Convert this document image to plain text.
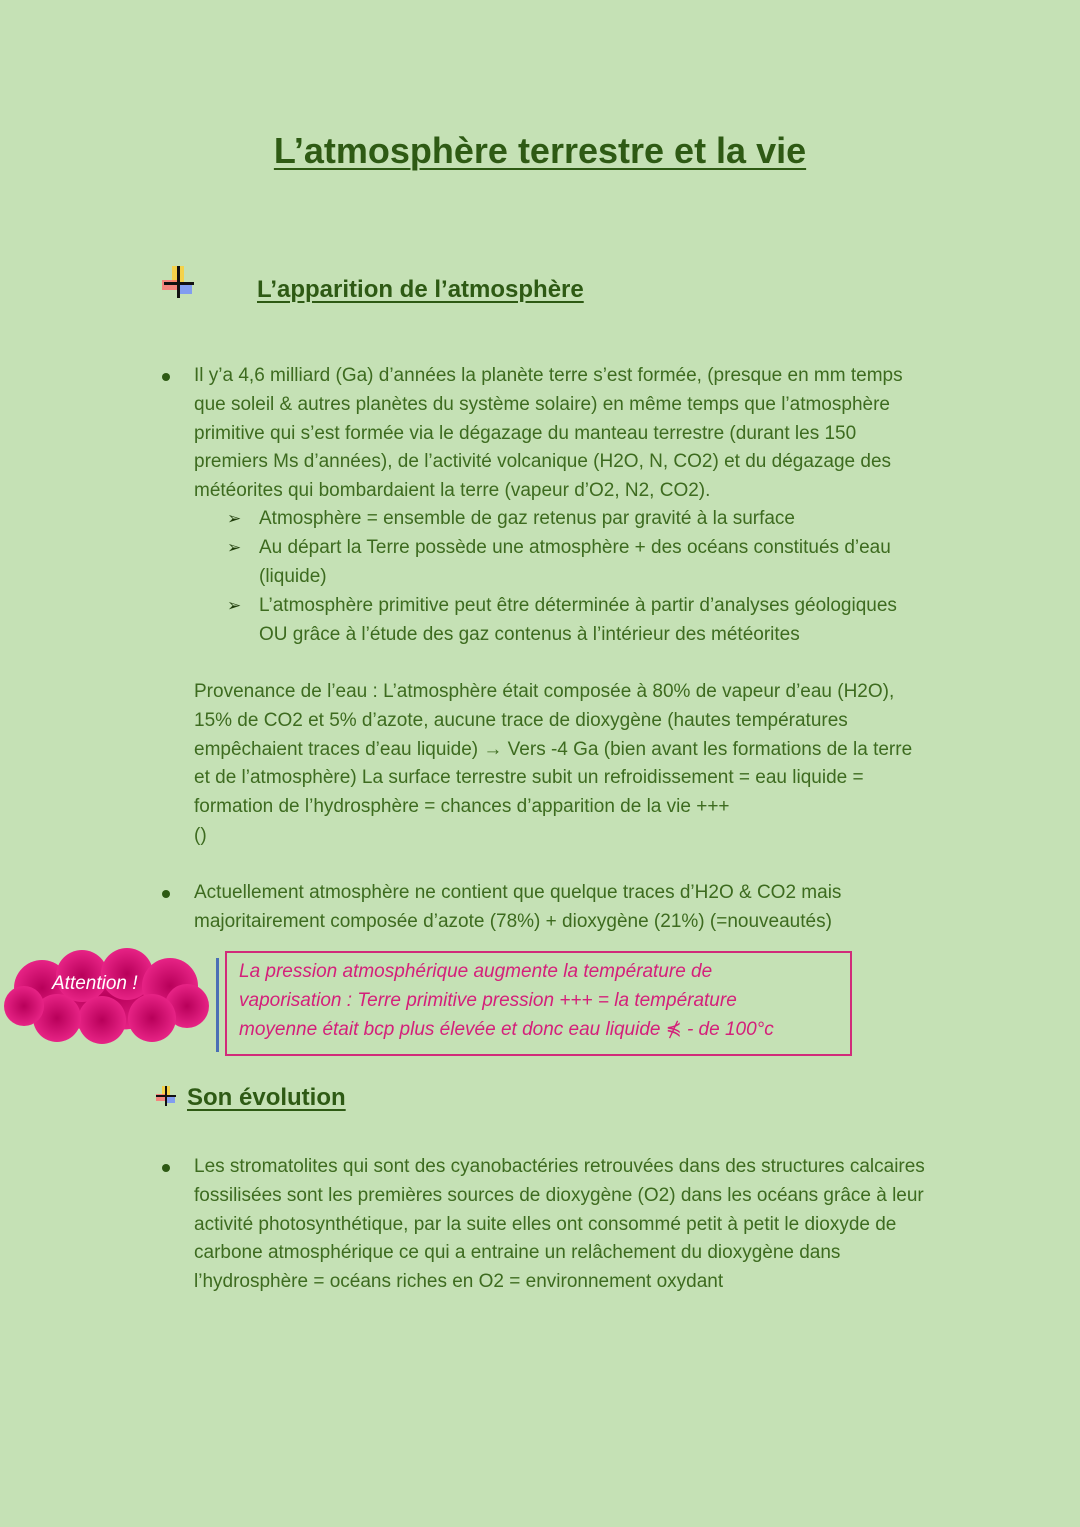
L’atmosphère terrestre et la vie
L’apparition de l’atmosphère
Il y’a 4,6 milliard (Ga) d’années la planète terre s’est formée, (presque en mm temps
que soleil & autres planètes du système solaire) en même temps que l’atmosphère
primitive qui s’est formée via le dégazage du manteau terrestre (durant les 150
premiers Ms d’années), de l’activité volcanique (H2O, N, CO2) et du dégazage des
météorites qui bombardaient la terre (vapeur d’O2, N2, CO2).
➢ Atmosphère = ensemble de gaz retenus par gravité à la surface
➢ Au départ la Terre possède une atmosphère + des océans constitués d’eau
(liquide)
➢ L’atmosphère primitive peut être déterminée à partir d’analyses géologiques
OU grâce à l’étude des gaz contenus à l’intérieur des météorites
Provenance de l’eau : L’atmosphère était composée à 80% de vapeur d’eau (H2O),
15% de CO2 et 5% d’azote, aucune trace de dioxygène (hautes températures
empêchaient traces d’eau liquide) → Vers -4 Ga (bien avant les formations de la terre
et de l’atmosphère) La surface terrestre subit un refroidissement = eau liquide =
formation de l’hydrosphère = chances d’apparition de la vie +++
()
Actuellement atmosphère ne contient que quelque traces d’H2O & CO2 mais
majoritairement composée d’azote (78%) + dioxygène (21%) (=nouveautés)
Attention !
La pression atmosphérique augmente la température de
vaporisation : Terre primitive pression +++ = la température
moyenne était bcp plus élevée et donc eau liquide ⋠ - de 100°c
Son évolution
Les stromatolites qui sont des cyanobactéries retrouvées dans des structures calcaires
fossilisées sont les premières sources de dioxygène (O2) dans les océans grâce à leur
activité photosynthétique, par la suite elles ont consommé petit à petit le dioxyde de
carbone atmosphérique ce qui a entraine un relâchement du dioxygène dans
l’hydrosphère = océans riches en O2 = environnement oxydant
